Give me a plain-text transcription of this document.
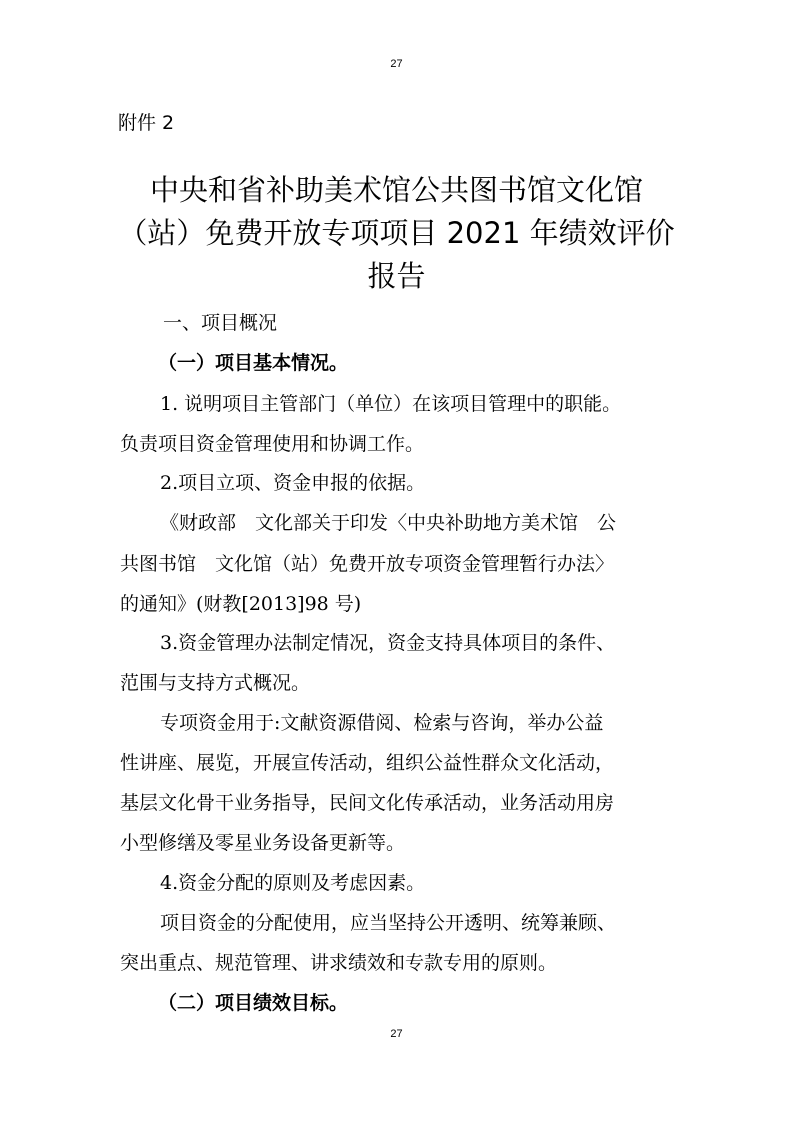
27
附件 2
中央和省补助美术馆公共图书馆文化馆
（站）免费开放专项项目 2021 年绩效评价
报告
一、项目概况
（一）项目基本情况。
1. 说明项目主管部门（单位）在该项目管理中的职能。
负责项目资金管理使用和协调工作。
2.项目立项、资金申报的依据。
《财政部　文化部关于印发〈中央补助地方美术馆　公
共图书馆　文化馆（站）免费开放专项资金管理暂行办法〉
的通知》(财教[2013]98 号)
3.资金管理办法制定情况，资金支持具体项目的条件、
范围与支持方式概况。
专项资金用于:文献资源借阅、检索与咨询，举办公益
性讲座、展览，开展宣传活动，组织公益性群众文化活动，
基层文化骨干业务指导，民间文化传承活动，业务活动用房
小型修缮及零星业务设备更新等。
4.资金分配的原则及考虑因素。
项目资金的分配使用，应当坚持公开透明、统筹兼顾、
突出重点、规范管理、讲求绩效和专款专用的原则。
（二）项目绩效目标。
27
